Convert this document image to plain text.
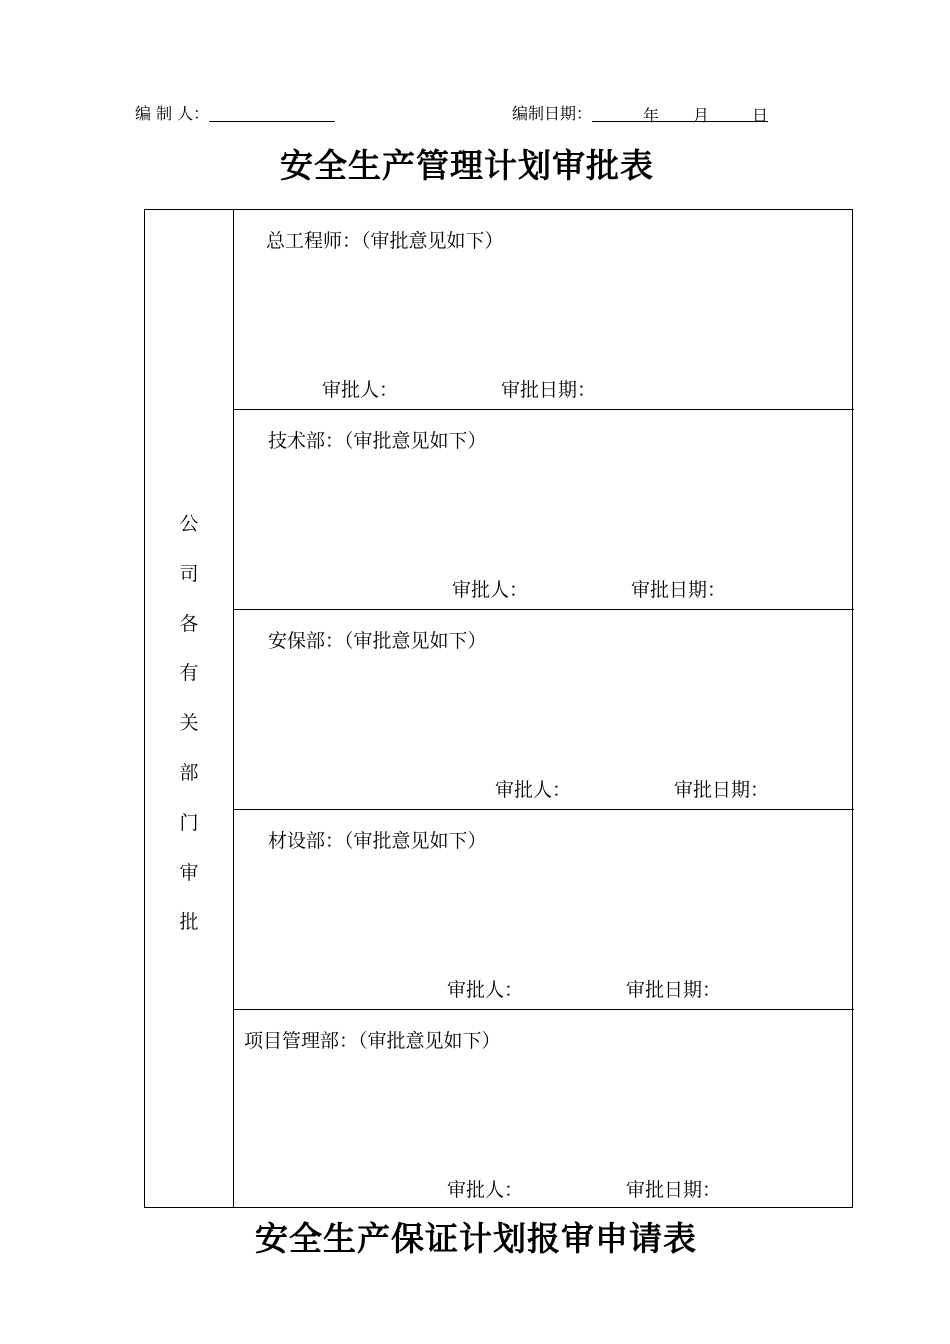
编 制 人：	编制日期：	年 月	日
安全生产管理计划审批表
公
司
各
有
关
部
门
审
批
总工程师：（审批意见如下）
审批人：	审批日期：
技术部：（审批意见如下）
审批人：	审批日期：
安保部：（审批意见如下）
审批人：	审批日期：
材设部：（审批意见如下）
审批人：	审批日期：
项目管理部：（审批意见如下）
审批人：	审批日期：
安全生产保证计划报审申请表
